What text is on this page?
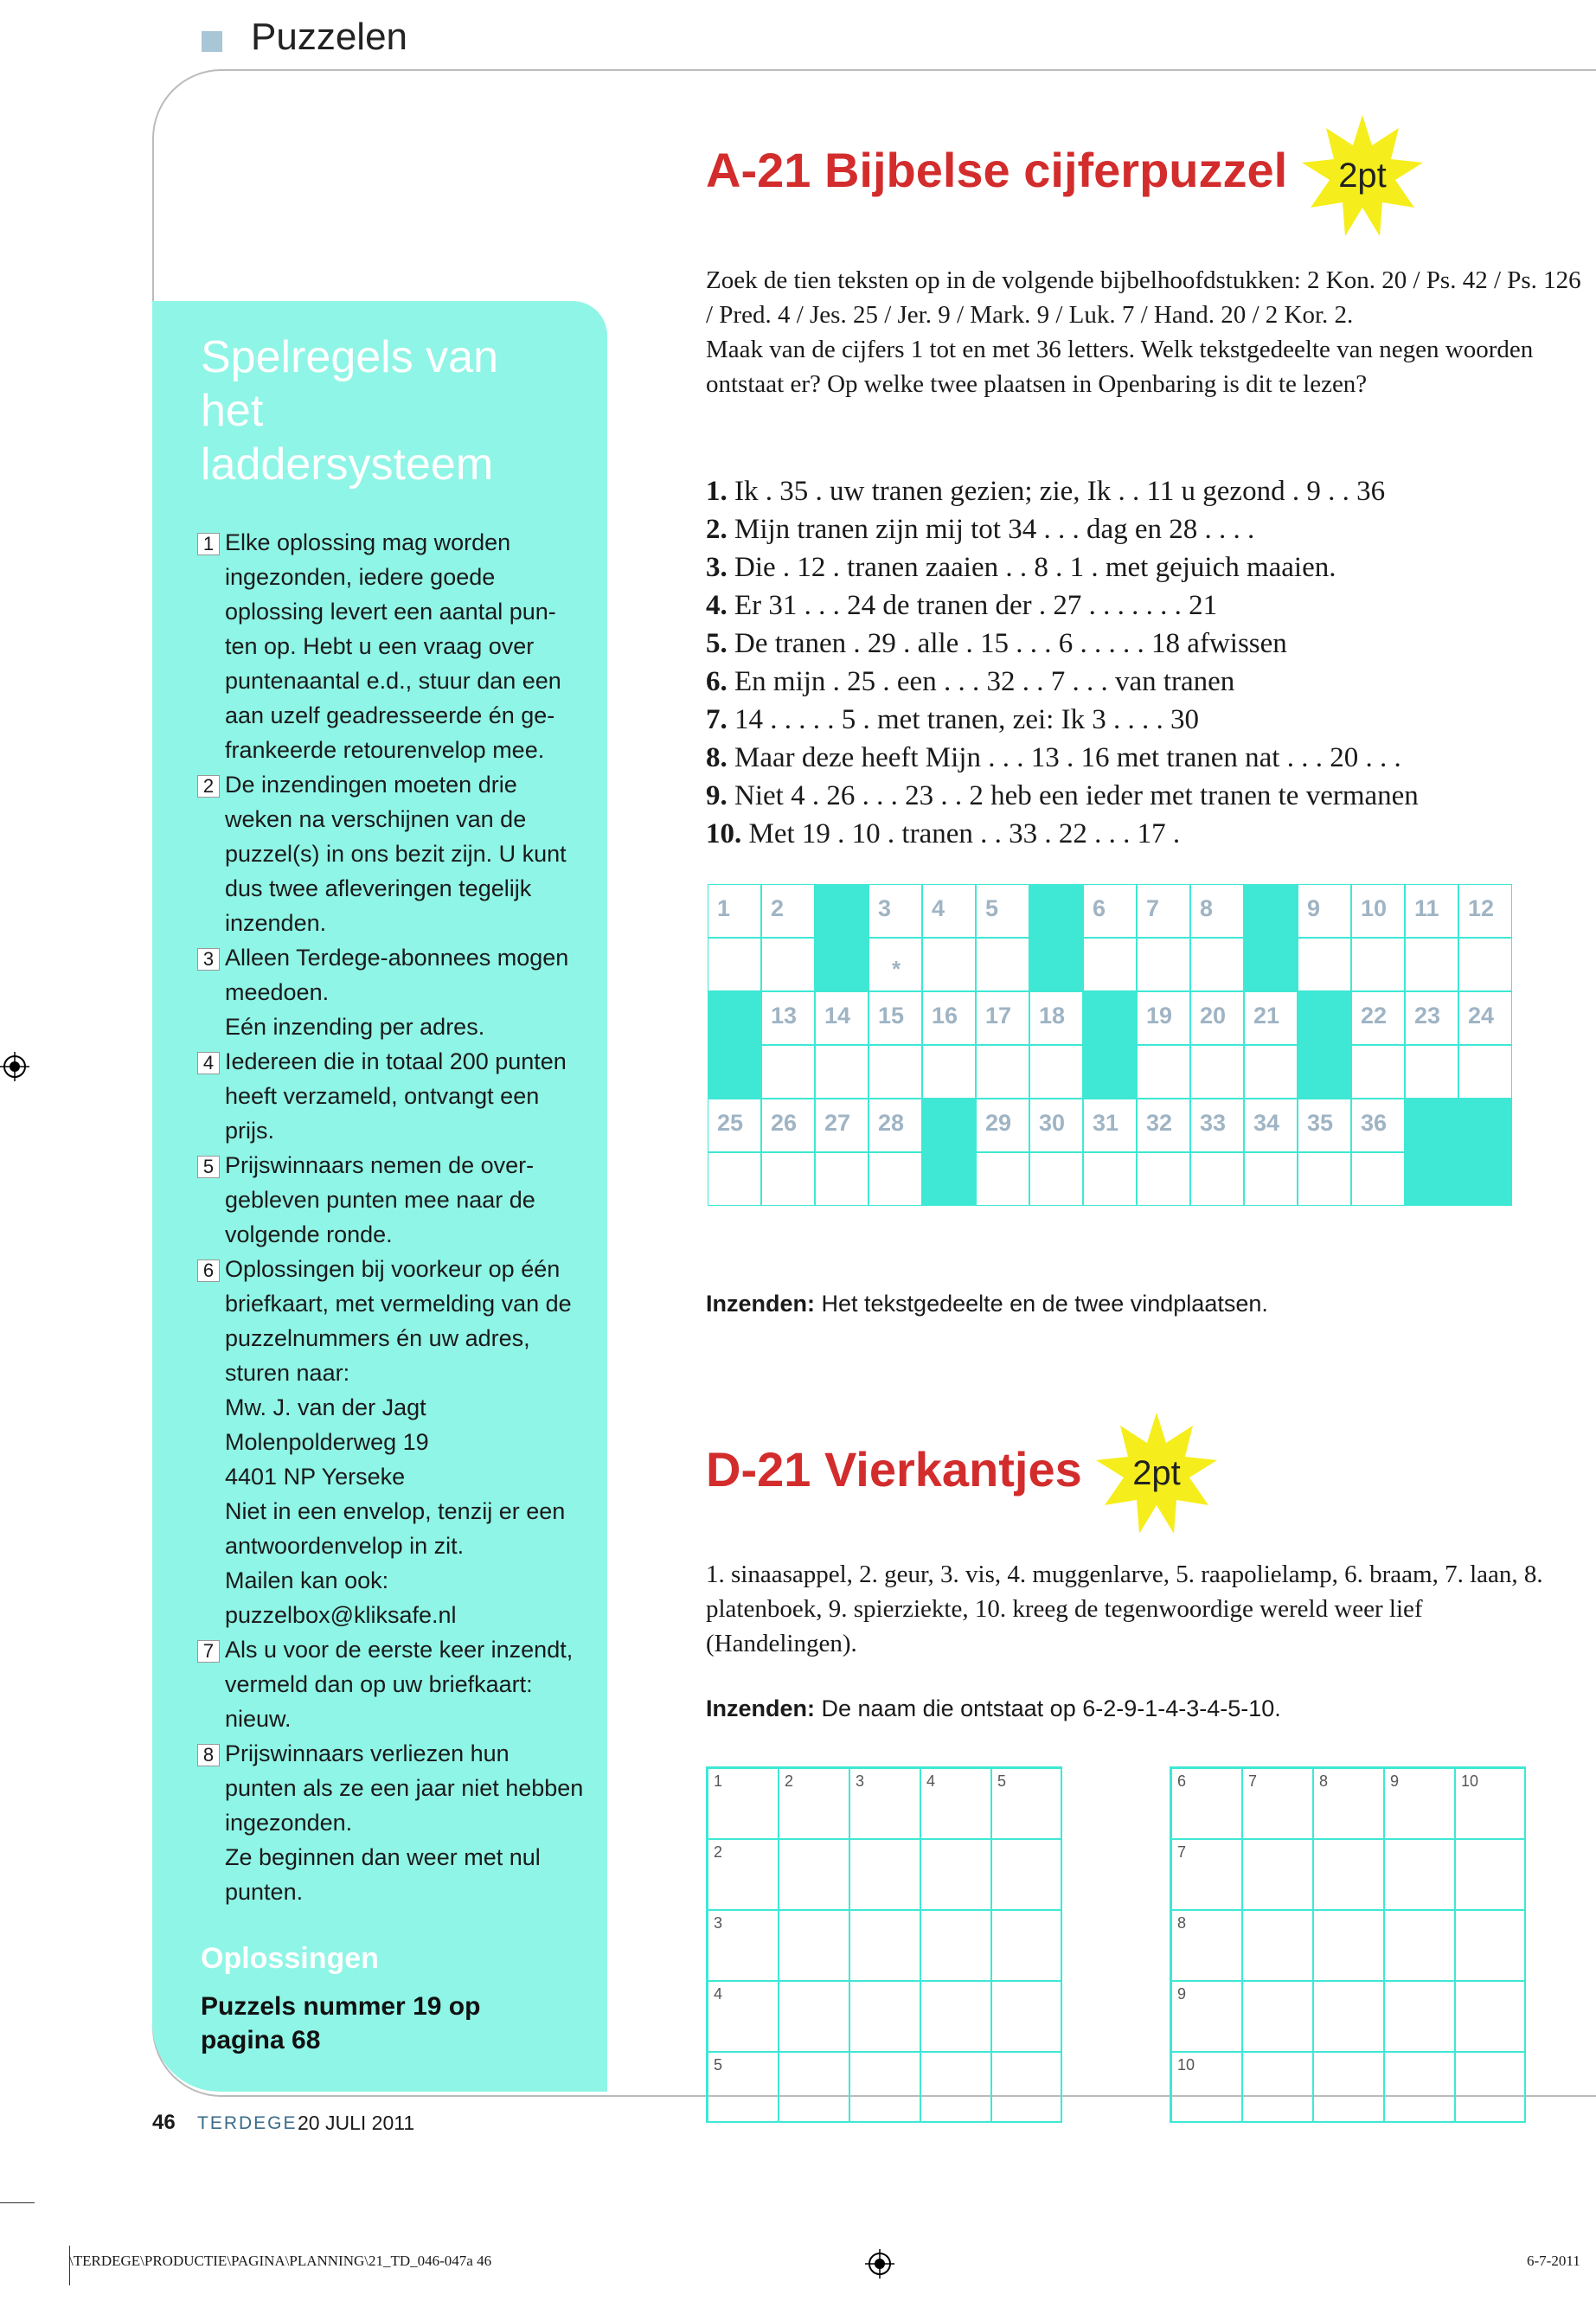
Puzzelen
Spelregels van het laddersysteem
1 Elke oplossing mag worden ingezonden, iedere goede oplossing levert een aantal pun-ten op. Hebt u een vraag over puntenaantal e.d., stuur dan een aan uzelf geadresseerde én ge-frankeerde retourenvelop mee.
2 De inzendingen moeten drie weken na verschijnen van de puzzel(s) in ons bezit zijn. U kunt dus twee afleveringen tegelijk inzenden.
3 Alleen Terdege-abonnees mogen meedoen.
Eén inzending per adres.
4 Iedereen die in totaal 200 punten heeft verzameld, ontvangt een prijs.
5 Prijswinnaars nemen de over-gebleven punten mee naar de volgende ronde.
6 Oplossingen bij voorkeur op één briefkaart, met vermelding van de puzzelnummers én uw adres, sturen naar:
Mw. J. van der Jagt
Molenpolderweg 19
4401 NP Yerseke
Niet in een envelop, tenzij er een antwoordenvelop in zit.
Mailen kan ook:
puzzelbox@kliksafe.nl
7 Als u voor de eerste keer inzendt, vermeld dan op uw briefkaart: nieuw.
8 Prijswinnaars verliezen hun punten als ze een jaar niet hebben ingezonden.
Ze beginnen dan weer met nul punten.
Oplossingen
Puzzels nummer 19 op pagina 68
A-21 Bijbelse cijferpuzzel	2pt

Zoek de tien teksten op in de volgende bijbelhoofdstukken: 2 Kon. 20 / Ps. 42 / Ps. 126 / Pred. 4 / Jes. 25 / Jer. 9 / Mark. 9 / Luk. 7 / Hand. 20 / 2 Kor. 2.

Maak van de cijfers 1 tot en met 36 letters. Welk tekstgedeelte van negen woorden ontstaat er? Op welke twee plaatsen in Openbaring is dit te lezen?

1. Ik . 35 . uw tranen gezien; zie, Ik . . 11 u gezond . 9 . . 36
2. Mijn tranen zijn mij tot 34 . . . dag en 28 . . . .
3. Die . 12 . tranen zaaien . . 8 . 1 . met gejuich maaien.
4. Er 31 . . . 24 de tranen der . 27 . . . . . . . 21
5. De tranen . 29 . alle . 15 . . . 6 . . . . . 18 afwissen
6. En mijn . 25 . een . . . 32 . . 7 . . . van tranen
7. 14 . . . . . 5 . met tranen, zei: Ik 3 . . . . 30
8. Maar deze heeft Mijn . . . 13 . 16 met tranen nat . . . 20 . . .
9. Niet 4 . 26 . . . 23 . . 2 heb een ieder met tranen te vermanen
10. Met 19 . 10 . tranen . . 33 . 22 . . . 17 .
1 2	3
*
4 5	6 7 8	9 10 11 12
13 14 15 16 17 18	19 20 21	22 23 24
25 26 27 28	29 30 31 32 33 34 35 36
Inzenden: Het tekstgedeelte en de twee vindplaatsen.
D-21 Vierkantjes	2pt
1. sinaasappel, 2. geur, 3. vis, 4. muggenlarve, 5. raapolielamp, 6. braam, 7. laan, 8. platenboek, 9. spierziekte, 10. kreeg de tegenwoordige wereld weer lief (Handelingen).
Inzenden: De naam die ontstaat op 6-2-9-1-4-3-4-5-10.
1	2	3	4	5
2
3
4
5
6	7	8	9	10
7
8
9
10
46 TERDEGE 20 JULI 2011
\TERDEGE\PRODUCTIE\PAGINA\PLANNING\21_TD_046-047a 46	6-7-2011
